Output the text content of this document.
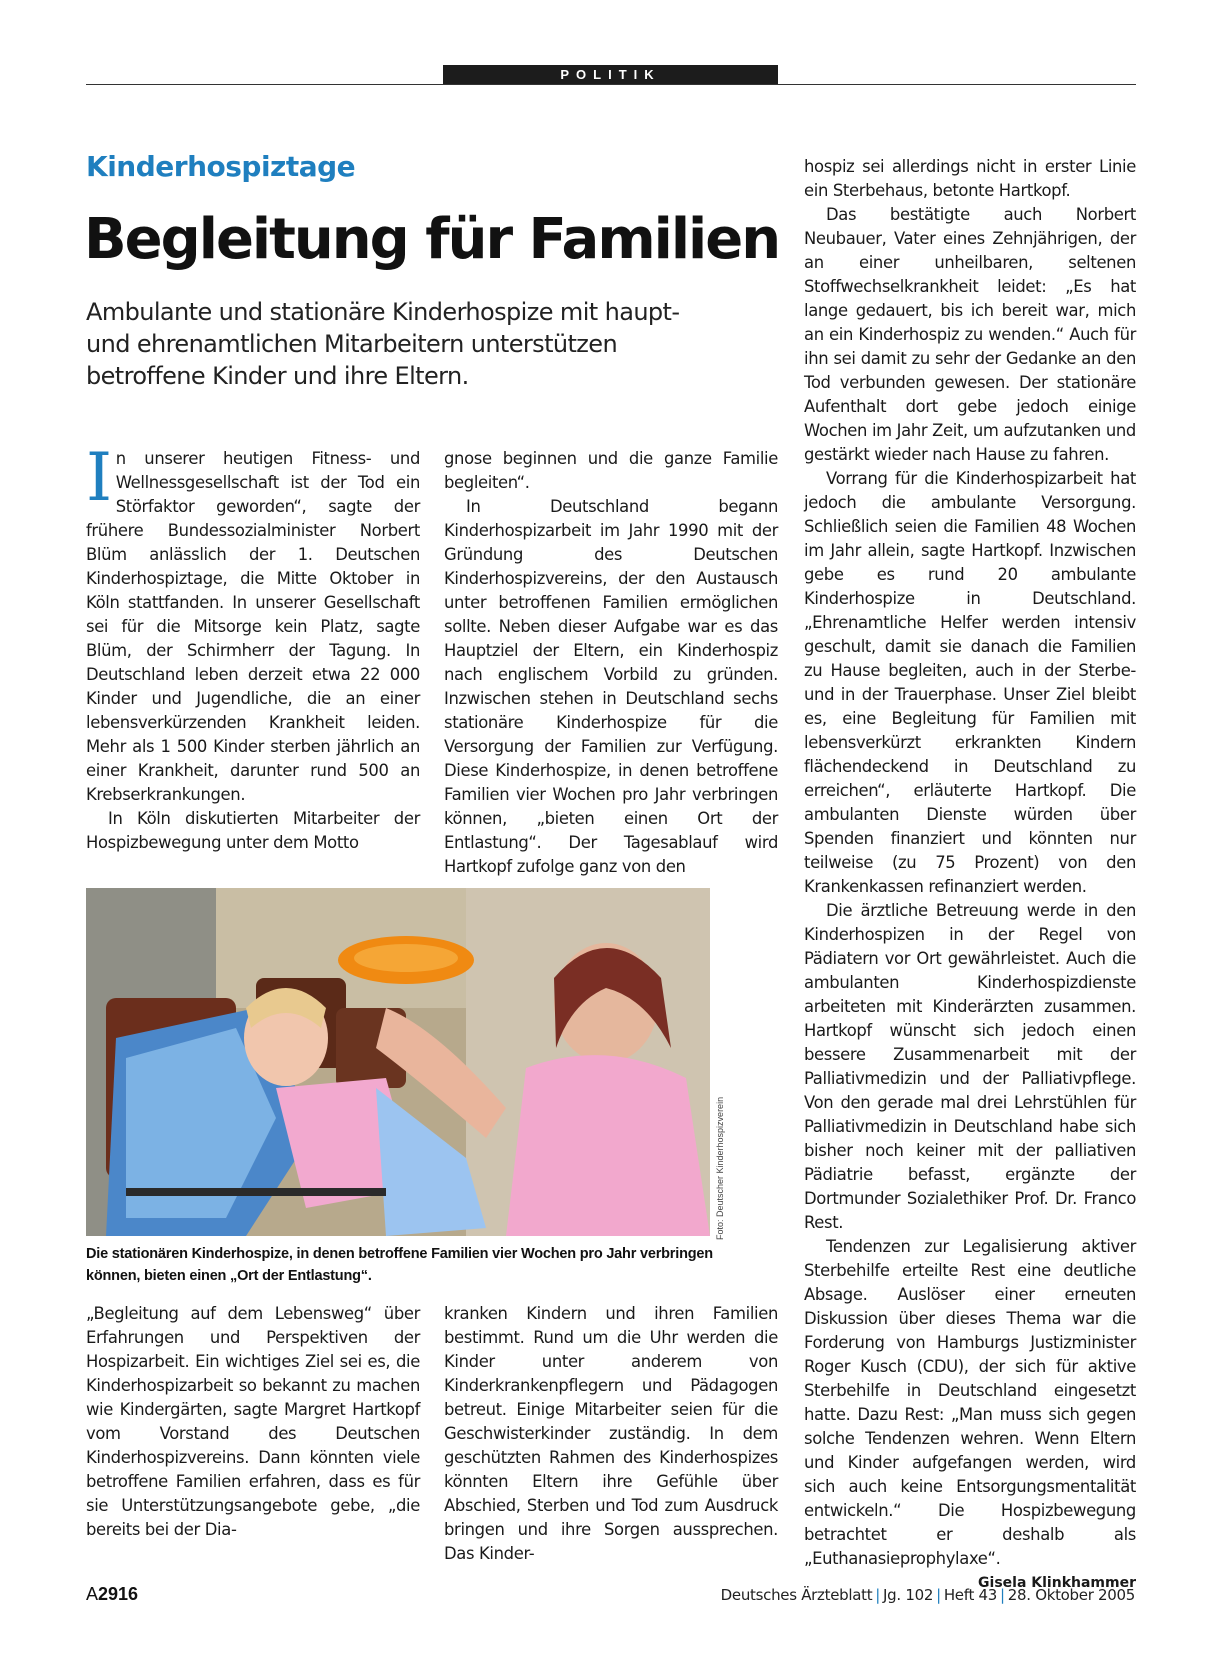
POLITIK
Kinderhospiztage
Begleitung für Familien
Ambulante und stationäre Kinderhospize mit haupt- und ehrenamtlichen Mitarbeitern unterstützen betroffene Kinder und ihre Eltern.

In unserer heutigen Fitness- und Wellnessgesellschaft ist der Tod ein Störfaktor geworden“, sagte der frühere Bundessozialminister Norbert Blüm anlässlich der 1. Deutschen Kinderhospiztage, die Mitte Oktober in Köln stattfanden. In unserer Gesellschaft sei für die Mitsorge kein Platz, sagte Blüm, der Schirmherr der Tagung. In Deutschland leben derzeit etwa 22 000 Kinder und Jugendliche, die an einer lebensverkürzenden Krankheit leiden. Mehr als 1 500 Kinder sterben jährlich an einer Krankheit, darunter rund 500 an Krebserkrankungen.

In Köln diskutierten Mitarbeiter der Hospizbewegung unter dem Motto

gnose beginnen und die ganze Familie begleiten“.

In Deutschland begann Kinderhospizarbeit im Jahr 1990 mit der Gründung des Deutschen Kinderhospizvereins, der den Austausch unter betroffenen Familien ermöglichen sollte. Neben dieser Aufgabe war es das Hauptziel der Eltern, ein Kinderhospiz nach englischem Vorbild zu gründen. Inzwischen stehen in Deutschland sechs stationäre Kinderhospize für die Versorgung der Familien zur Verfügung. Diese Kinderhospize, in denen betroffene Familien vier Wochen pro Jahr verbringen können, „bieten einen Ort der Entlastung“. Der Tagesablauf wird Hartkopf zufolge ganz von den

hospiz sei allerdings nicht in erster Linie ein Sterbehaus, betonte Hartkopf.

Das bestätigte auch Norbert Neubauer, Vater eines Zehnjährigen, der an einer unheilbaren, seltenen Stoffwechselkrankheit leidet: „Es hat lange gedauert, bis ich bereit war, mich an ein Kinderhospiz zu wenden.“ Auch für ihn sei damit zu sehr der Gedanke an den Tod verbunden gewesen. Der stationäre Aufenthalt dort gebe jedoch einige Wochen im Jahr Zeit, um aufzutanken und gestärkt wieder nach Hause zu fahren.

Vorrang für die Kinderhospizarbeit hat jedoch die ambulante Versorgung. Schließlich seien die Familien 48 Wochen im Jahr allein, sagte Hartkopf. Inzwischen gebe es rund 20 ambulante Kinderhospize in Deutschland. „Ehrenamtliche Helfer werden intensiv geschult, damit sie danach die Familien zu Hause begleiten, auch in der Sterbe- und in der Trauerphase. Unser Ziel bleibt es, eine Begleitung für Familien mit lebensverkürzt erkrankten Kindern flächendeckend in Deutschland zu erreichen“, erläuterte Hartkopf. Die ambulanten Dienste würden über Spenden finanziert und könnten nur teilweise (zu 75 Prozent) von den Krankenkassen refinanziert werden.

Die ärztliche Betreuung werde in den Kinderhospizen in der Regel von Pädiatern vor Ort gewährleistet. Auch die ambulanten Kinderhospizdienste arbeiteten mit Kinderärzten zusammen. Hartkopf wünscht sich jedoch einen bessere Zusammenarbeit mit der Palliativmedizin und der Palliativpflege. Von den gerade mal drei Lehrstühlen für Palliativmedizin in Deutschland habe sich bisher noch keiner mit der palliativen Pädiatrie befasst, ergänzte der Dortmunder Sozialethiker Prof. Dr. Franco Rest.

Tendenzen zur Legalisierung aktiver Sterbehilfe erteilte Rest eine deutliche Absage. Auslöser einer erneuten Diskussion über dieses Thema war die Forderung von Hamburgs Justizminister Roger Kusch (CDU), der sich für aktive Sterbehilfe in Deutschland eingesetzt hatte. Dazu Rest: „Man muss sich gegen solche Tendenzen wehren. Wenn Eltern und Kinder aufgefangen werden, wird sich auch keine Entsorgungsmentalität entwickeln.“ Die Hospizbewegung betrachtet er deshalb als „Euthanasieprophylaxe“.
Gisela Klinkhammer

Foto: Deutscher Kinderhospizverein
Die stationären Kinderhospize, in denen betroffene Familien vier Wochen pro Jahr verbringen können, bieten einen „Ort der Entlastung“.

„Begleitung auf dem Lebensweg“ über Erfahrungen und Perspektiven der Hospizarbeit. Ein wichtiges Ziel sei es, die Kinderhospizarbeit so bekannt zu machen wie Kindergärten, sagte Margret Hartkopf vom Vorstand des Deutschen Kinderhospizvereins. Dann könnten viele betroffene Familien erfahren, dass es für sie Unterstützungsangebote gebe, „die bereits bei der Dia-

kranken Kindern und ihren Familien bestimmt. Rund um die Uhr werden die Kinder unter anderem von Kinderkrankenpflegern und Pädagogen betreut. Einige Mitarbeiter seien für die Geschwisterkinder zuständig. In dem geschützten Rahmen des Kinderhospizes könnten Eltern ihre Gefühle über Abschied, Sterben und Tod zum Ausdruck bringen und ihre Sorgen aussprechen. Das Kinder-

A2916	Deutsches Ärzteblatt | Jg. 102 | Heft 43 | 28. Oktober 2005
